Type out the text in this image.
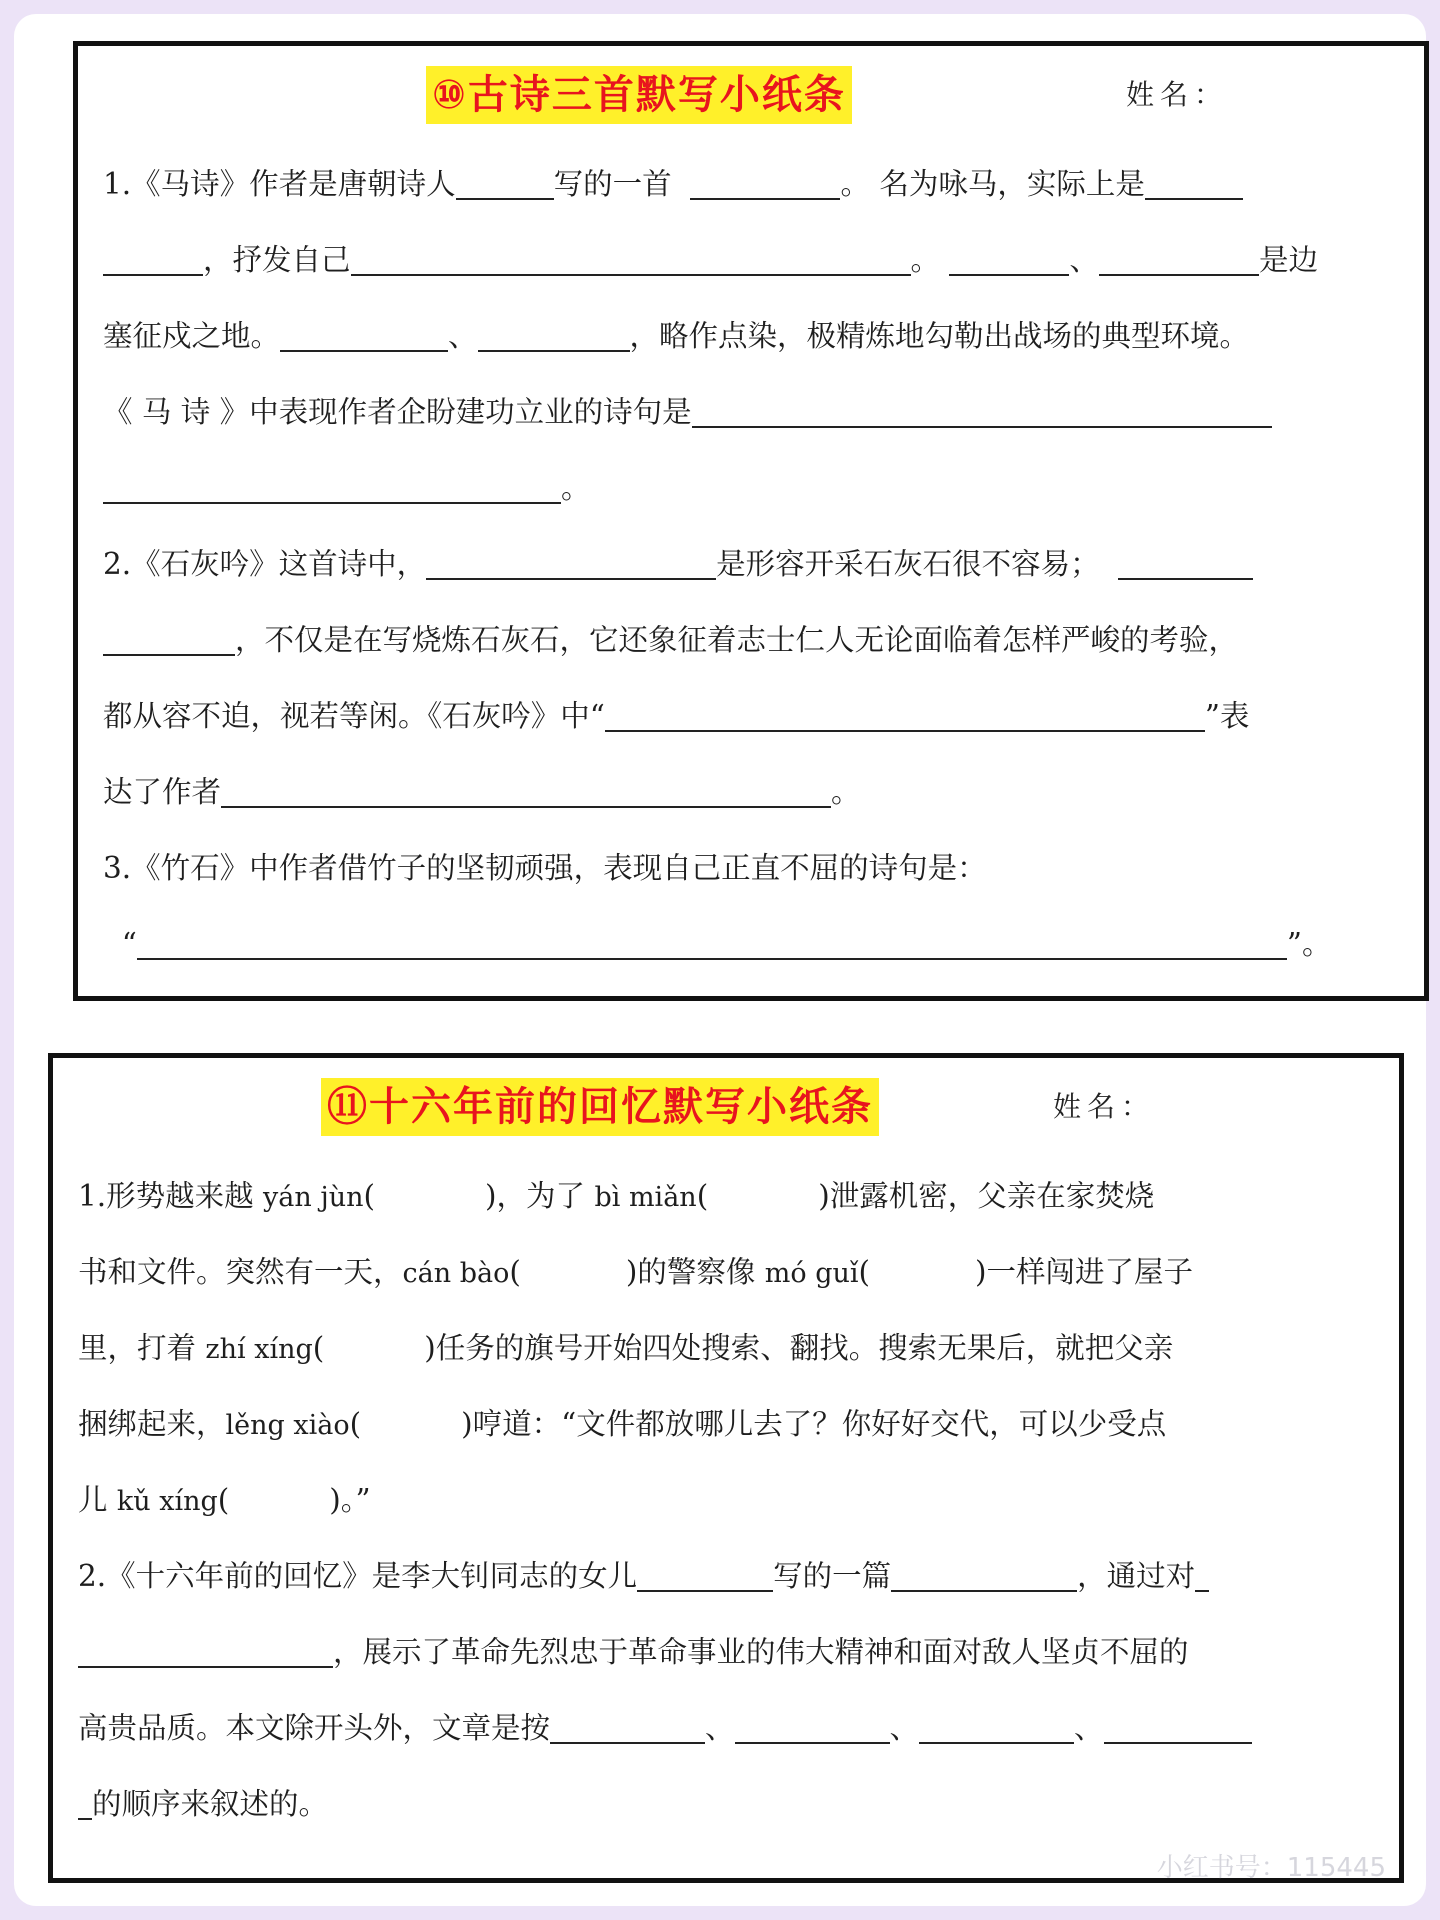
⑩古诗三首默写小纸条	姓名：
1.《马诗》作者是唐朝诗人	写的一首	。 名为咏马，实际上是
，抒发自己	。	、	是边
塞征戍之地。	、	，略作点染，极精炼地勾勒出战场的典型环境。
《 马 诗 》中表现作者企盼建功立业的诗句是
。
2.《石灰吟》这首诗中，	是形容开采石灰石很不容易；
，不仅是在写烧炼石灰石，它还象征着志士仁人无论面临着怎样严峻的考验，
都从容不迫，视若等闲。《石灰吟》中“	”表
达了作者	。
3.《竹石》中作者借竹子的坚韧顽强，表现自己正直不屈的诗句是：
“	”。
⑪十六年前的回忆默写小纸条	姓名：
1.形势越来越 yán jùn(	)，为了 bì miǎn(	)泄露机密，父亲在家焚烧
书和文件。突然有一天，cán bào(	)的警察像 mó guǐ(	)一样闯进了屋子
里，打着 zhí xíng(	)任务的旗号开始四处搜索、翻找。搜索无果后，就把父亲
捆绑起来，lěng xiào(	)哼道：“文件都放哪儿去了？你好好交代，可以少受点
儿 kǔ xíng(	)。”
2.《十六年前的回忆》是李大钊同志的女儿	写的一篇	，通过对
，展示了革命先烈忠于革命事业的伟大精神和面对敌人坚贞不屈的
高贵品质。本文除开头外，文章是按	、	、	、
的顺序来叙述的。
小红书号：115445
